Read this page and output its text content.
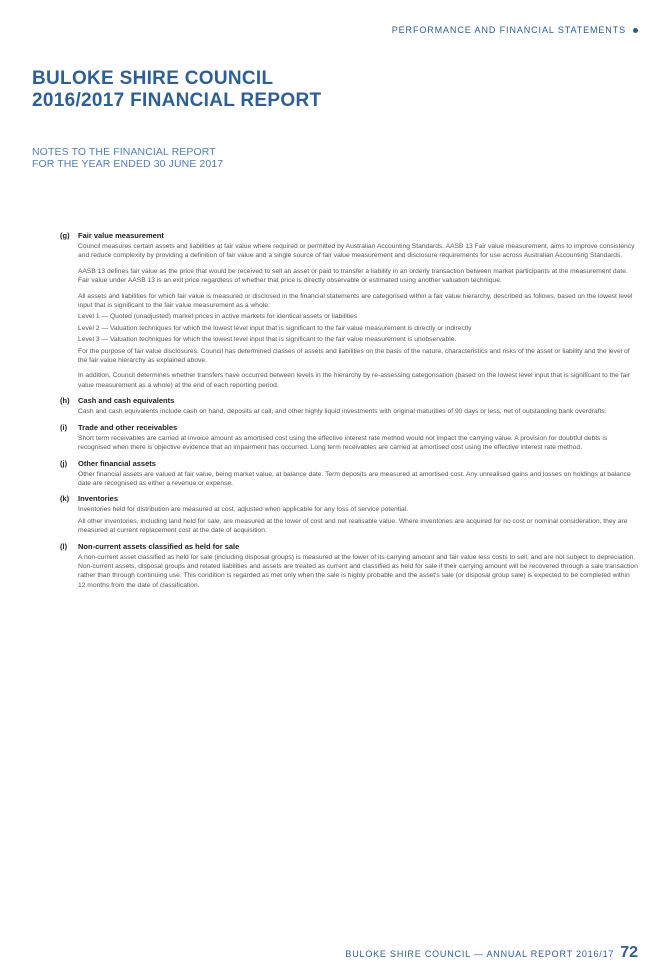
PERFORMANCE AND FINANCIAL STATEMENTS
BULOKE SHIRE COUNCIL
2016/2017 FINANCIAL REPORT
NOTES TO THE FINANCIAL REPORT
FOR THE YEAR ENDED 30 JUNE 2017
(g) Fair value measurement
Council measures certain assets and liabilities at fair value where required or permitted by Australian Accounting Standards. AASB 13 Fair value measurement, aims to improve consistency and reduce complexity by providing a definition of fair value and a single source of fair value measurement and disclosure requirements for use across Australian Accounting Standards.
AASB 13 defines fair value as the price that would be received to sell an asset or paid to transfer a liability in an orderly transaction between market participants at the measurement date. Fair value under AASB 13 is an exit price regardless of whether that price is directly observable or estimated using another valuation technique.
All assets and liabilities for which fair value is measured or disclosed in the financial statements are categorised within a fair value hierarchy, described as follows, based on the lowest level input that is significant to the fair value measurement as a whole:
Level 1 — Quoted (unadjusted) market prices in active markets for identical assets or liabilities
Level 2 — Valuation techniques for which the lowest level input that is significant to the fair value measurement is directly or indirectly
Level 3 — Valuation techniques for which the lowest level input that is significant to the fair value measurement is unobservable.
For the purpose of fair value disclosures, Council has determined classes of assets and liabilities on the basis of the nature, characteristics and risks of the asset or liability and the level of the fair value hierarchy as explained above.
In addition, Council determines whether transfers have occurred between levels in the hierarchy by re-assessing categorisation (based on the lowest level input that is significant to the fair value measurement as a whole) at the end of each reporting period.
(h) Cash and cash equivalents
Cash and cash equivalents include cash on hand, deposits at call, and other highly liquid investments with original maturities of 90 days or less, net of outstanding bank overdrafts.
(i) Trade and other receivables
Short term receivables are carried at invoice amount as amortised cost using the effective interest rate method would not impact the carrying value. A provision for doubtful debts is recognised when there is objective evidence that an impairment has occurred. Long term receivables are carried at amortised cost using the effective interest rate method.
(j) Other financial assets
Other financial assets are valued at fair value, being market value, at balance date. Term deposits are measured at amortised cost. Any unrealised gains and losses on holdings at balance date are recognised as either a revenue or expense.
(k) Inventories
Inventories held for distribution are measured at cost, adjusted when applicable for any loss of service potential.
All other inventories, including land held for sale, are measured at the lower of cost and net realisable value. Where inventories are acquired for no cost or nominal consideration, they are measured at current replacement cost at the date of acquisition.
(l) Non-current assets classified as held for sale
A non-current asset classified as held for sale (including disposal groups) is measured at the lower of its carrying amount and fair value less costs to sell, and are not subject to depreciation. Non-current assets, disposal groups and related liabilities and assets are treated as current and classified as held for sale if their carrying amount will be recovered through a sale transaction rather than through continuing use. This condition is regarded as met only when the sale is highly probable and the asset's sale (or disposal group sale) is expected to be completed within 12 months from the date of classification.
BULOKE SHIRE COUNCIL — ANNUAL REPORT 2016/17 72
